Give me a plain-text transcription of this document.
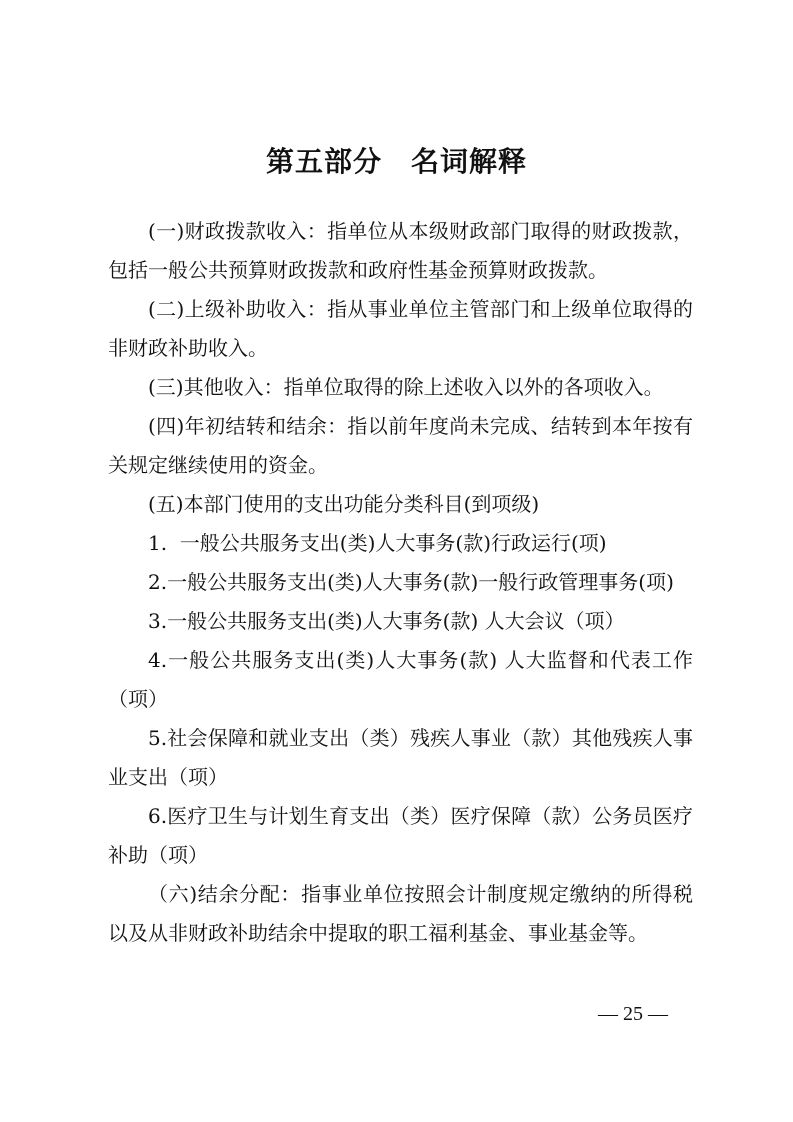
第五部分　名词解释

(一)财政拨款收入：指单位从本级财政部门取得的财政拨款，包括一般公共预算财政拨款和政府性基金预算财政拨款。

(二)上级补助收入：指从事业单位主管部门和上级单位取得的非财政补助收入。

(三)其他收入：指单位取得的除上述收入以外的各项收入。

(四)年初结转和结余：指以前年度尚未完成、结转到本年按有关规定继续使用的资金。

(五)本部门使用的支出功能分类科目(到项级)

1.  一般公共服务支出(类)人大事务(款)行政运行(项)

2.一般公共服务支出(类)人大事务(款)一般行政管理事务(项)

3.一般公共服务支出(类)人大事务(款) 人大会议（项）

4.一般公共服务支出(类)人大事务(款) 人大监督和代表工作（项）

5.社会保障和就业支出（类）残疾人事业（款）其他残疾人事业支出（项）

6.医疗卫生与计划生育支出（类）医疗保障（款）公务员医疗补助（项）

（六)结余分配：指事业单位按照会计制度规定缴纳的所得税以及从非财政补助结余中提取的职工福利基金、事业基金等。

— 25 —
